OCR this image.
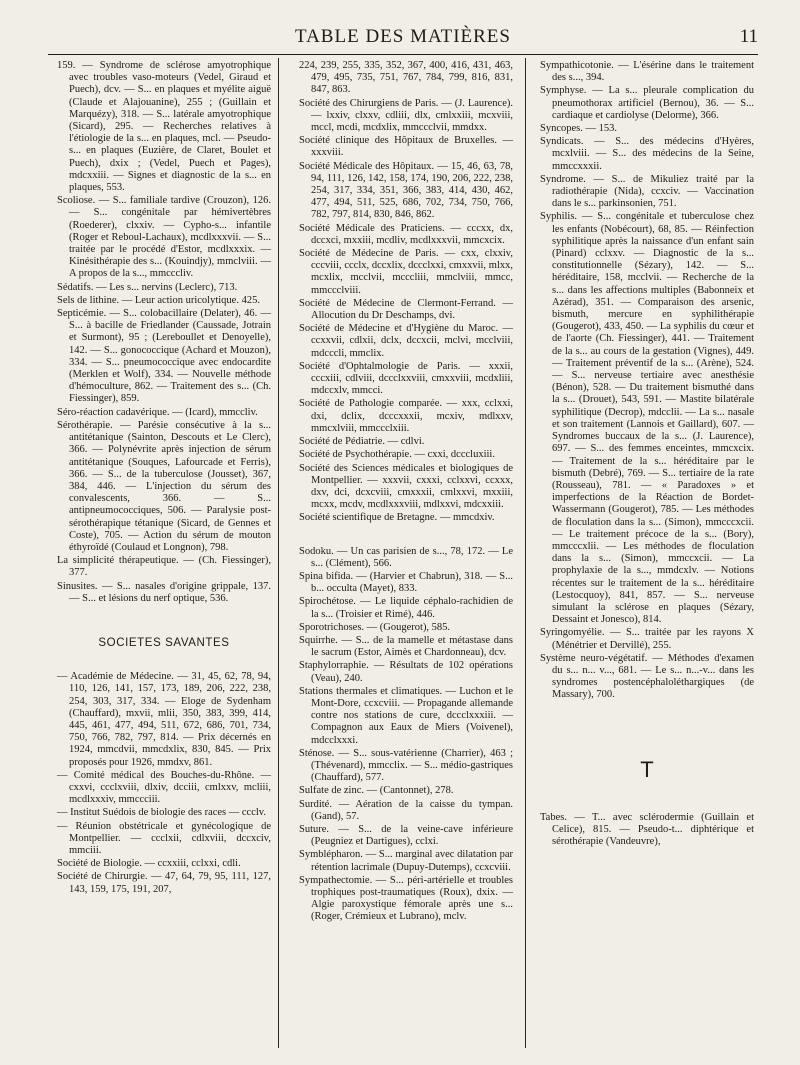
TABLE DES MATIÈRES	11

159. — Syndrome de sclérose amyotrophique avec troubles vaso-moteurs (Vedel, Giraud et Puech), dcv. — S... en plaques et myélite aiguë (Claude et Alajouanine), 255 ; (Guillain et Marquézy), 318. — S... latérale amyotrophique (Sicard), 295. — Recherches relatives à l'étiologie de la s... en plaques, mcl. — Pseudo-s... en plaques (Euzière, de Claret, Boulet et Puech), dxix ; (Vedel, Puech et Pages), mdcxxiii. — Signes et diagnostic de la s... en plaques, 553.

Scoliose. — S... familiale tardive (Crouzon), 126. — S... congénitale par hémivertèbres (Roederer), clxxiv. — Cypho-s... infantile (Roger et Reboul-Lachaux), mcdlxxxvii. — S... traitée par le procédé d'Estor, mcdlxxxix. — Kinésithérapie des s... (Kouindjy), mmclviii. — A propos de la s..., mmcccliv.

Sédatifs. — Les s... nervins (Leclerc), 713.

Sels de lithine. — Leur action uricolytique. 425.

Septicémie. — S... colobacillaire (Delater), 46. — S... à bacille de Friedlander (Caussade, Jotrain et Surmont), 95 ; (Lereboullet et Denoyelle), 142. — S... gonococcique (Achard et Mouzon), 334. — S... pneumococcique avec endocardite (Merklen et Wolf), 334. — Nouvelle méthode d'hémoculture, 862. — Traitement des s... (Ch. Fiessinger), 859.

Séro-réaction cadavérique. — (Icard), mmccliv.

Sérothérapie. — Parésie consécutive à la s... antitétanique (Sainton, Descouts et Le Clerc), 366. — Polynévrite après injection de sérum antitétanique (Souques, Lafourcade et Ferris), 366. — S... de la tuberculose (Jousset), 367, 384, 446. — L'injection du sérum des convalescents, 366. — S... antipneumococciques, 506. — Paralysie post-sérothérapique tétanique (Sicard, de Gennes et Coste), 705. — Action du sérum de mouton éthyroïdé (Coulaud et Longnon), 798.

La simplicité thérapeutique. — (Ch. Fiessinger), 377.

Sinusites. — S... nasales d'origine grippale, 137. — S... et lésions du nerf optique, 536.

SOCIETES SAVANTES

— Académie de Médecine. — 31, 45, 62, 78, 94, 110, 126, 141, 157, 173, 189, 206, 222, 238, 254, 303, 317, 334. — Eloge de Sydenham (Chauffard), mxvii, mlii, 350, 383, 399, 414, 445, 461, 477, 494, 511, 672, 686, 701, 734, 750, 766, 782, 797, 814. — Prix décernés en 1924, mmcdvii, mmcdxlix, 830, 845. — Prix proposés pour 1926, mmdxv, 861.

— Comité médical des Bouches-du-Rhône. — cxxvi, ccclxviii, dlxiv, dcciii, cmlxxv, mcliii, mcdlxxxiv, mmccciii.

— Institut Suédois de biologie des races — ccclv.

— Réunion obstétricale et gynécologique de Montpellier. — ccclxii, cdlxviii, dccxciv, mmciii.

Société de Biologie. — ccxxiii, cclxxi, cdli.

Société de Chirurgie. — 47, 64, 79, 95, 111, 127, 143, 159, 175, 191, 207,

224, 239, 255, 335, 352, 367, 400, 416, 431, 463, 479, 495, 735, 751, 767, 784, 799, 816, 831, 847, 863.

Société des Chirurgiens de Paris. — (J. Laurence). — lxxiv, clxxv, cdliii, dlx, cmlxxiii, mcxviii, mccl, mcdi, mcdxlix, mmccclvii, mmdxx.

Société clinique des Hôpitaux de Bruxelles. — xxxviii.

Société Médicale des Hôpitaux. — 15, 46, 63, 78, 94, 111, 126, 142, 158, 174, 190, 206, 222, 238, 254, 317, 334, 351, 366, 383, 414, 430, 462, 477, 494, 511, 525, 686, 702, 734, 750, 766, 782, 797, 814, 830, 846, 862.

Société Médicale des Praticiens. — cccxx, dx, dccxci, mxxiii, mcdliv, mcdlxxxvii, mmcxcix.

Société de Médecine de Paris. — cxx, clxxiv, cccviii, ccclx, dccxlix, dccclxxi, cmxxvii, mlxx, mcxlix, mcclvii, mcccliii, mmclviii, mmcc, mmccclviii.

Société de Médecine de Clermont-Ferrand. — Allocution du Dr Deschamps, dvi.

Société de Médecine et d'Hygiène du Maroc. — ccxxvii, cdlxii, dclx, dccxcii, mclvi, mcclviii, mdcccli, mmclix.

Société d'Ophtalmologie de Paris. — xxxii, cccxiii, cdlviii, dccclxxviii, cmxxviii, mcdxliii, mdccxlv, mmcci.

Société de Pathologie comparée. — xxx, cclxxi, dxi, dclix, dcccxxxii, mcxiv, mdlxxv, mmcxlviii, mmccclxiii.

Société de Pédiatrie. — cdlvi.

Société de Psychothérapie. — cxxi, dcccluxiii.

Société des Sciences médicales et biologiques de Montpellier. — xxxvii, cxxxi, cclxxvi, ccxxx, dxv, dci, dcxcviii, cmxxxii, cmlxxvi, mxxiii, mcxx, mcdv, mcdlxxxviii, mdlxxvi, mdcxxiii.

Société scientifique de Bretagne. — mmcdxiv.

Sodoku. — Un cas parisien de s..., 78, 172. — Le s... (Clément), 566.

Spina bifida. — (Harvier et Chabrun), 318. — S... b... occulta (Mayet), 833.

Spirochétose. — Le liquide céphalo-rachidien de la s... (Troisier et Rimé), 446.

Sporotrichoses. — (Gougerot), 585.

Squirrhe. — S... de la mamelle et métastase dans le sacrum (Estor, Aimès et Chardonneau), dcv.

Staphylorraphie. — Résultats de 102 opérations (Veau), 240.

Stations thermales et climatiques. — Luchon et le Mont-Dore, ccxcviii. — Propagande allemande contre nos stations de cure, dccclxxxiii. — Compagnon aux Eaux de Miers (Voivenel), mdcclxxxi.

Sténose. — S... sous-vatérienne (Charrier), 463 ; (Thévenard), mmcclix. — S... médio-gastriques (Chauffard), 577.

Sulfate de zinc. — (Cantonnet), 278.

Surdité. — Aération de la caisse du tympan. (Gand), 57.

Suture. — S... de la veine-cave inférieure (Peugniez et Dartigues), cclxi.

Symblépharon. — S... marginal avec dilatation par rétention lacrimale (Dupuy-Dutemps), ccxcviii.

Sympathectomie. — S... péri-artérielle et troubles trophiques post-traumatiques (Roux), dxix. — Algie paroxystique fémorale après une s... (Roger, Crémieux et Lubrano), mclv.

Sympathicotonie. — L'ésérine dans le traitement des s..., 394.

Symphyse. — La s... pleurale complication du pneumothorax artificiel (Bernou), 36. — S... cardiaque et cardiolyse (Delorme), 366.

Syncopes. — 153.

Syndicats. — S... des médecins d'Hyères, mcxlviii. — S... des médecins de la Seine, mmccxxxii.

Syndrome. — S... de Mikuliez traité par la radiothérapie (Nida), ccxciv. — Vaccination dans le s... parkinsonien, 751.

Syphilis. — S... congénitale et tuberculose chez les enfants (Nobécourt), 68, 85. — Réinfection syphilitique après la naissance d'un enfant sain (Pinard) cclxxv. — Diagnostic de la s... constitutionnelle (Sézary), 142. — S... héréditaire, 158, mcclvii. — Recherche de la s... dans les affections multiples (Babonneix et Azérad), 351. — Comparaison des arsenic, bismuth, mercure en syphilithérapie (Gougerot), 433, 450. — La syphilis du cœur et de l'aorte (Ch. Fiessinger), 441. — Traitement de la s... au cours de la gestation (Vignes), 449. — Traitement préventif de la s... (Arène), 524. — S... nerveuse tertiaire avec anesthésie (Bénon), 528. — Du traitement bismuthé dans la s... (Drouet), 543, 591. — Mastite bilatérale syphilitique (Decrop), mdcclii. — La s... nasale et son traitement (Lannois et Gaillard), 607. — Syndromes buccaux de la s... (J. Laurence), 697. — S... des femmes enceintes, mmcxcix. — Traitement de la s... héréditaire par le bismuth (Debré), 769. — S... tertiaire de la rate (Rousseau), 781. — « Paradoxes » et imperfections de la Réaction de Bordet-Wassermann (Gougerot), 785. — Les méthodes de floculation dans la s... (Simon), mmcccxcii. — Le traitement précoce de la s... (Bory), mmcccxlii. — Les méthodes de floculation dans la s... (Simon), mmccxcii. — La prophylaxie de la s..., mmdcxlv. — Notions récentes sur le traitement de la s... héréditaire (Lestocquoy), 841, 857. — S... nerveuse simulant la sclérose en plaques (Sézary, Dessaint et Jonesco), 814.

Syringomyélie. — S... traitée par les rayons X (Ménétrier et Dervillé), 255.

Système neuro-végétatif. — Méthodes d'examen du s... n... v..., 681. — Le s... n...-v... dans les syndromes postencéphaloléthargiques (de Massary), 700.

T

Tabes. — T... avec sclérodermie (Guillain et Celice), 815. — Pseudo-t... diphtérique et sérothérapie (Vandeuvre),
